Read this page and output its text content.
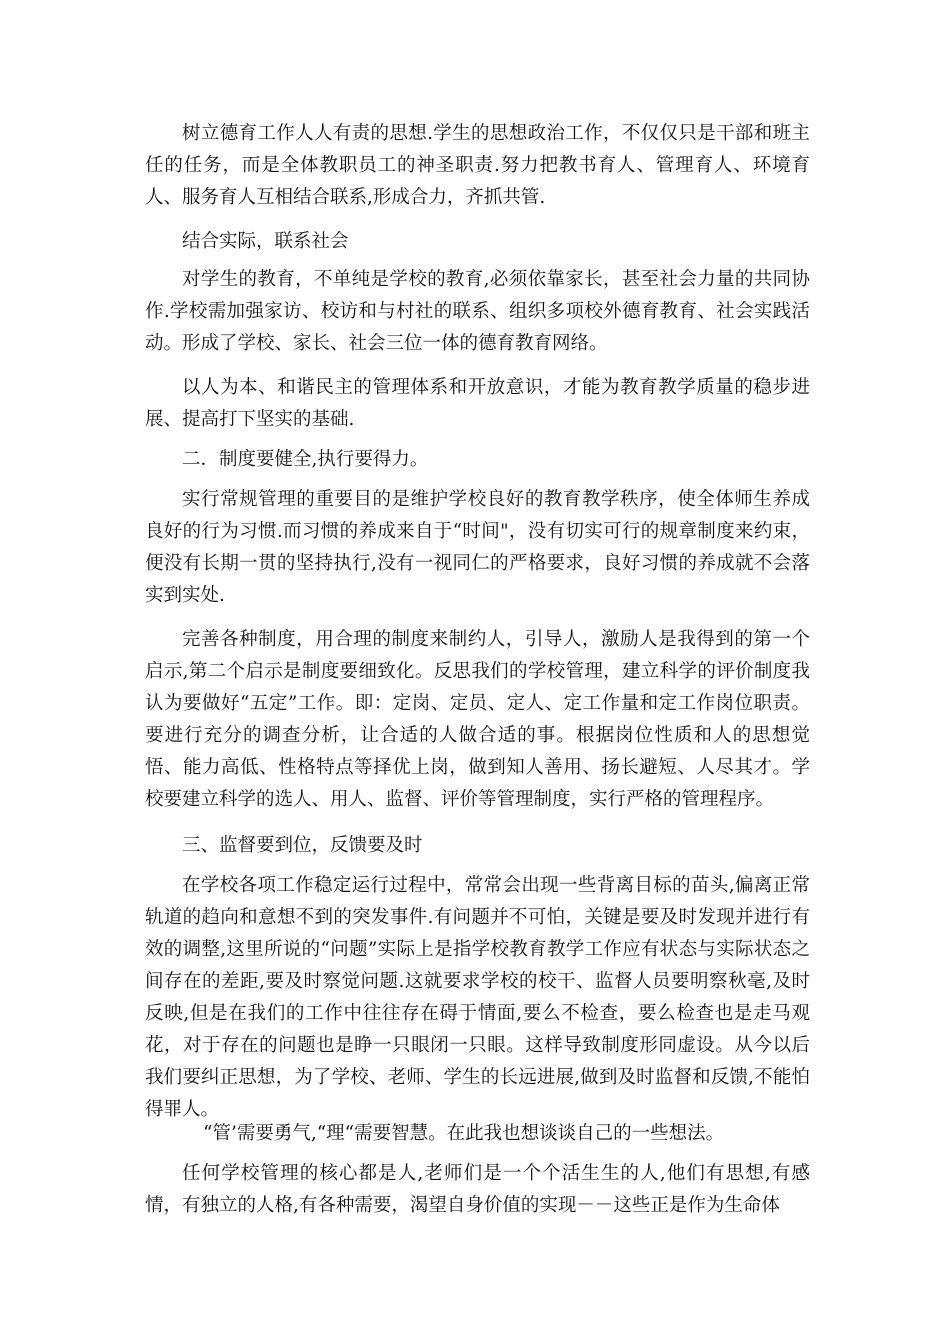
树立德育工作人人有责的思想.学生的思想政治工作，不仅仅只是干部和班主任的任务，而是全体教职员工的神圣职责.努力把教书育人、管理育人、环境育人、服务育人互相结合联系,形成合力，齐抓共管.

结合实际，联系社会

对学生的教育，不单纯是学校的教育,必须依靠家长，甚至社会力量的共同协作.学校需加强家访、校访和与村社的联系、组织多项校外德育教育、社会实践活动。形成了学校、家长、社会三位一体的德育教育网络。

以人为本、和谐民主的管理体系和开放意识，才能为教育教学质量的稳步进展、提高打下坚实的基础.

二．制度要健全,执行要得力。

实行常规管理的重要目的是维护学校良好的教育教学秩序，使全体师生养成良好的行为习惯.而习惯的养成来自于“时间"，没有切实可行的规章制度来约束，便没有长期一贯的坚持执行,没有一视同仁的严格要求，良好习惯的养成就不会落实到实处.

完善各种制度，用合理的制度来制约人，引导人，激励人是我得到的第一个启示,第二个启示是制度要细致化。反思我们的学校管理，建立科学的评价制度我认为要做好“五定”工作。即：定岗、定员、定人、定工作量和定工作岗位职责。要进行充分的调查分析，让合适的人做合适的事。根据岗位性质和人的思想觉悟、能力高低、性格特点等择优上岗，做到知人善用、扬长避短、人尽其才。学校要建立科学的选人、用人、监督、评价等管理制度，实行严格的管理程序。

三、监督要到位，反馈要及时

在学校各项工作稳定运行过程中，常常会出现一些背离目标的苗头,偏离正常轨道的趋向和意想不到的突发事件.有问题并不可怕，关键是要及时发现并进行有效的调整,这里所说的“问题”实际上是指学校教育教学工作应有状态与实际状态之间存在的差距,要及时察觉问题.这就要求学校的校干、监督人员要明察秋毫,及时反映,但是在我们的工作中往往存在碍于情面,要么不检查，要么检查也是走马观花，对于存在的问题也是睁一只眼闭一只眼。这样导致制度形同虚设。从今以后我们要纠正思想，为了学校、老师、学生的长远进展,做到及时监督和反馈,不能怕得罪人。

“管’需要勇气,“理“需要智慧。在此我也想谈谈自己的一些想法。

任何学校管理的核心都是人,老师们是一个个活生生的人,他们有思想,有感情，有独立的人格,有各种需要，渴望自身价值的实现－－这些正是作为生命体
